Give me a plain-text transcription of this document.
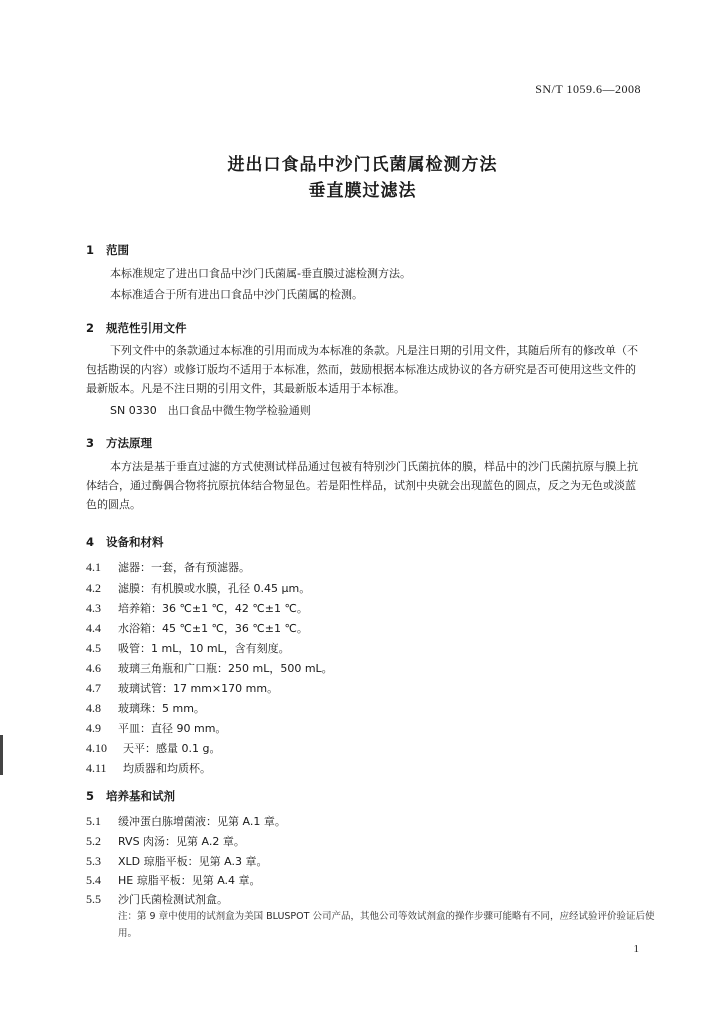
SN/T 1059.6—2008
进出口食品中沙门氏菌属检测方法
垂直膜过滤法
1 范围
本标准规定了进出口食品中沙门氏菌属-垂直膜过滤检测方法。
本标准适合于所有进出口食品中沙门氏菌属的检测。
2 规范性引用文件
下列文件中的条款通过本标准的引用而成为本标准的条款。凡是注日期的引用文件，其随后所有的修改单（不包括勘误的内容）或修订版均不适用于本标准，然而，鼓励根据本标准达成协议的各方研究是否可使用这些文件的最新版本。凡是不注日期的引用文件，其最新版本适用于本标准。
SN 0330　出口食品中微生物学检验通则
3 方法原理
本方法是基于垂直过滤的方式使测试样品通过包被有特别沙门氏菌抗体的膜，样品中的沙门氏菌抗原与膜上抗体结合，通过酶偶合物将抗原抗体结合物显色。若是阳性样品，试剂中央就会出现蓝色的圆点，反之为无色或淡蓝色的圆点。
4 设备和材料
4.1 滤器：一套，备有预滤器。
4.2 滤膜：有机膜或水膜，孔径 0.45 μm。
4.3 培养箱：36 ℃±1 ℃，42 ℃±1 ℃。
4.4 水浴箱：45 ℃±1 ℃，36 ℃±1 ℃。
4.5 吸管：1 mL，10 mL，含有刻度。
4.6 玻璃三角瓶和广口瓶：250 mL，500 mL。
4.7 玻璃试管：17 mm×170 mm。
4.8 玻璃珠：5 mm。
4.9 平皿：直径 90 mm。
4.10 天平：感量 0.1 g。
4.11 均质器和均质杯。
5 培养基和试剂
5.1 缓冲蛋白胨增菌液：见第 A.1 章。
5.2 RVS 肉汤：见第 A.2 章。
5.3 XLD 琼脂平板：见第 A.3 章。
5.4 HE 琼脂平板：见第 A.4 章。
5.5 沙门氏菌检测试剂盒。
注：第 9 章中使用的试剂盒为美国 BLUSPOT 公司产品，其他公司等效试剂盒的操作步骤可能略有不同，应经试验评价验证后使用。
1
